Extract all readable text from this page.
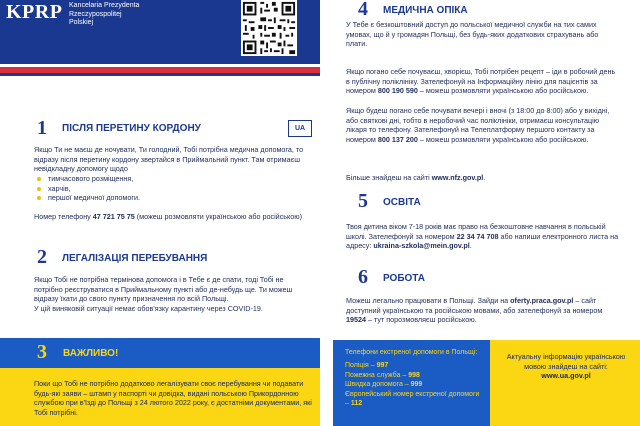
KPRP Kancelaria Prezydenta
Rzeczypospolitej
Polskiej
1 ПІСЛЯ ПЕРЕТИНУ КОРДОНУ	UA
Якщо Ти не маєш де ночувати, Ти голодний, Тобі потрібна медична допомога, то відразу після перетину кордону звертайся в Приймальний пункт. Там отримаєш невідкладну допомогу щодо
тимчасового розміщення,
харчів,
першої медичної допомоги.
Номер телефону 47 721 75 75 (можеш розмовляти українською або російською)
2 ЛЕГАЛІЗАЦІЯ ПЕРЕБУВАННЯ
Якщо Тобі не потрібна термінова допомога і в Тебе є де спати, тоді Тобі не потрібно реєструватися в Приймальному пункті або де-небудь ще. Ти можеш відразу їхати до свого пункту призначення по всій Польщі.
У цій виняковій ситуації немає обов'язку карантину через COVID-19.
3 ВАЖЛИВО!
Поки що Тобі не потрібно додатково легалізувати своє перебування чи подавати будь-які заяви – штамп у паспорті чи довідка, видані польською Прикордонною службою при в'їзді до Польщі з 24 лютого 2022 року, є достатніми документами, які Тобі потрібні.
4 МЕДИЧНА ОПІКА
У Тебе є безкоштовний доступ до польської медичної служби на тих самих умовах, що й у громадян Польщі, без будь-яких додаткових страхувань або плати.
Якщо погано себе почуваєш, хворієш, Тобі потрібен рецепт – іди в робочий день в публічну поліклініку. Зателефонуй на Інформаційну лінію для пацієнтів за номером 800 190 590 – можеш розмовляти українською або російською.
Якщо будеш погано себе почувати вечері і вночі (з 18:00 до 8:00) або у вихідні, або святкові дні, тобто в неробочий час поліклініки, отримаєш консультацію лікаря то телефону. Зателефонуй на Телеплатформу першого контакту за номером 800 137 200 – можеш розмовляти українською або російською.
Більше знайдеш на сайті www.nfz.gov.pl.
5 ОСВІТА
Твоя дитина віком 7-18 років має право на безкоштовне навчання в польській школі. Зателефонуй за номером 22 34 74 708 або напиши електронного листа на адресу: ukraina-szkola@mein.gov.pl.
6 РОБОТА
Можеш легально працювати в Польщі. Зайди на oferty.praca.gov.pl – сайт доступний українською та російською мовами, або зателефонуй за номером 19524 – тут порозмовляєш російською.
Телефони екстреної допомоги в Польщі:
Поліція – 997
Пожежна служба – 998
Швидка допомога – 999
Європейський номер екстреної допомоги – 112
Актуальну інформацію українською мовою знайдеш на сайті: www.ua.gov.pl
